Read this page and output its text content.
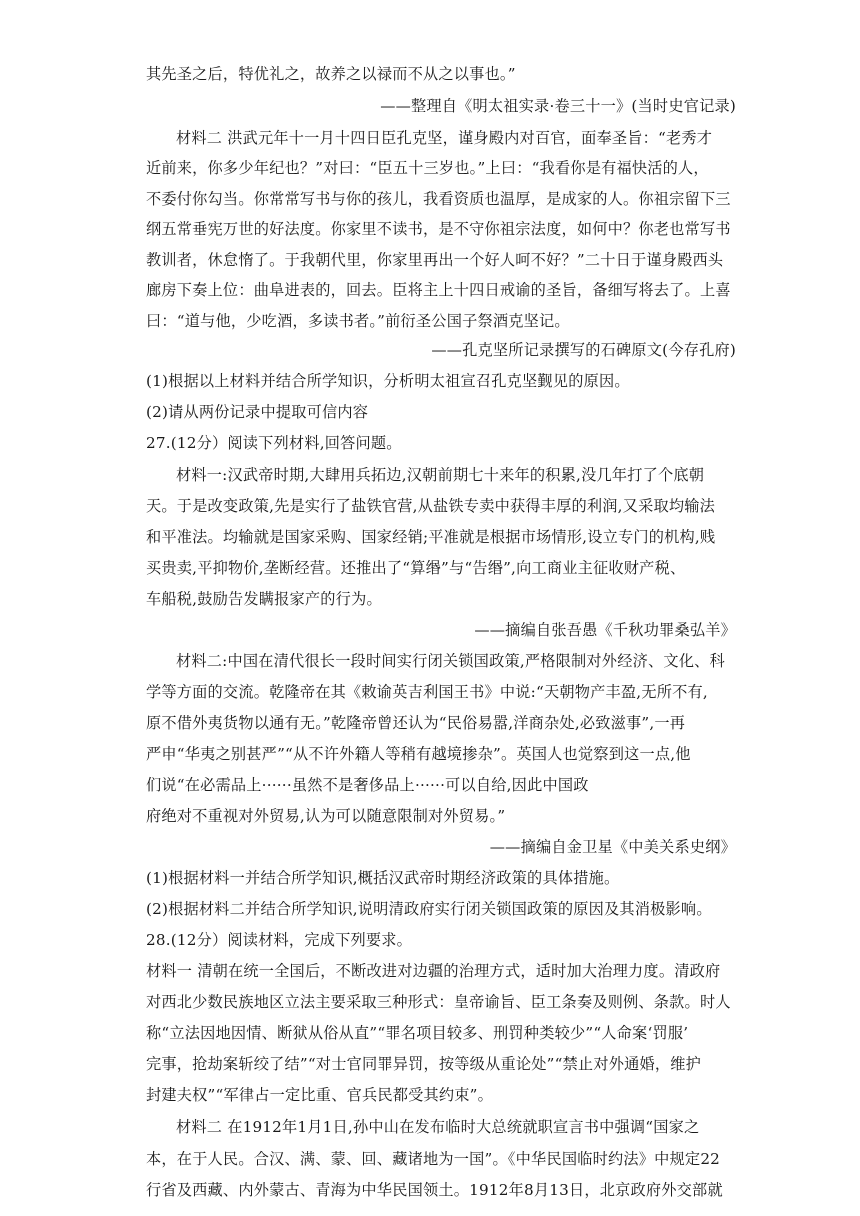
其先圣之后，特优礼之，故养之以禄而不从之以事也。”
——整理自《明太祖实录·卷三十一》(当时史官记录)
材料二 洪武元年十一月十四日臣孔克坚，谨身殿内对百官，面奉圣旨：“老秀才
近前来，你多少年纪也？”对曰：“臣五十三岁也。”上曰：“我看你是有福快活的人，
不委付你勾当。你常常写书与你的孩儿，我看资质也温厚，是成家的人。你祖宗留下三
纲五常垂宪万世的好法度。你家里不读书，是不守你祖宗法度，如何中？你老也常写书
教训者，休怠惰了。于我朝代里，你家里再出一个好人呵不好？”二十日于谨身殿西头
廊房下奏上位：曲阜进表的，回去。臣将主上十四日戒谕的圣旨，备细写将去了。上喜
曰：“道与他，少吃酒，多读书者。”前衍圣公国子祭酒克坚记。
——孔克坚所记录撰写的石碑原文(今存孔府)
(1)根据以上材料并结合所学知识，分析明太祖宣召孔克坚觐见的原因。
(2)请从两份记录中提取可信内容
27.(12分）阅读下列材料,回答问题。
材料一:汉武帝时期,大肆用兵拓边,汉朝前期七十来年的积累,没几年打了个底朝
天。于是改变政策,先是实行了盐铁官营,从盐铁专卖中获得丰厚的利润,又采取均输法
和平准法。均输就是国家采购、国家经销;平准就是根据市场情形,设立专门的机构,贱
买贵卖,平抑物价,垄断经营。还推出了“算缗”与“告缗”,向工商业主征收财产税、
车船税,鼓励告发瞒报家产的行为。
——摘编自张吾愚《千秋功罪桑弘羊》
材料二:中国在清代很长一段时间实行闭关锁国政策,严格限制对外经济、文化、科
学等方面的交流。乾隆帝在其《敕谕英吉利国王书》中说:“天朝物产丰盈,无所不有,
原不借外夷货物以通有无。”乾隆帝曾还认为“民俗易嚣,洋商杂处,必致滋事”,一再
严申“华夷之别甚严”“从不许外籍人等稍有越境掺杂”。英国人也觉察到这一点,他
们说“在必需品上······虽然不是奢侈品上······可以自给,因此中国政
府绝对不重视对外贸易,认为可以随意限制对外贸易。”
——摘编自金卫星《中美关系史纲》
(1)根据材料一并结合所学知识,概括汉武帝时期经济政策的具体措施。
(2)根据材料二并结合所学知识,说明清政府实行闭关锁国政策的原因及其消极影响。
28.(12分）阅读材料，完成下列要求。
材料一 清朝在统一全国后，不断改进对边疆的治理方式，适时加大治理力度。清政府
对西北少数民族地区立法主要采取三种形式：皇帝谕旨、臣工条奏及则例、条款。时人
称“立法因地因情、断狱从俗从直”“罪名项目较多、刑罚种类较少”“人命案‘罚服’
完事，抢劫案斩绞了结”“对士官同罪异罚，按等级从重论处”“禁止对外通婚，维护
封建夫权”“军律占一定比重、官兵民都受其约束”。
材料二 在1912年1月1日,孙中山在发布临时大总统就职宣言书中强调“国家之
本，在于人民。合汉、满、蒙、回、藏诸地为一国”。《中华民国临时约法》中规定22
行省及西藏、内外蒙古、青海为中华民国领土。1912年8月13日，北京政府外交部就
